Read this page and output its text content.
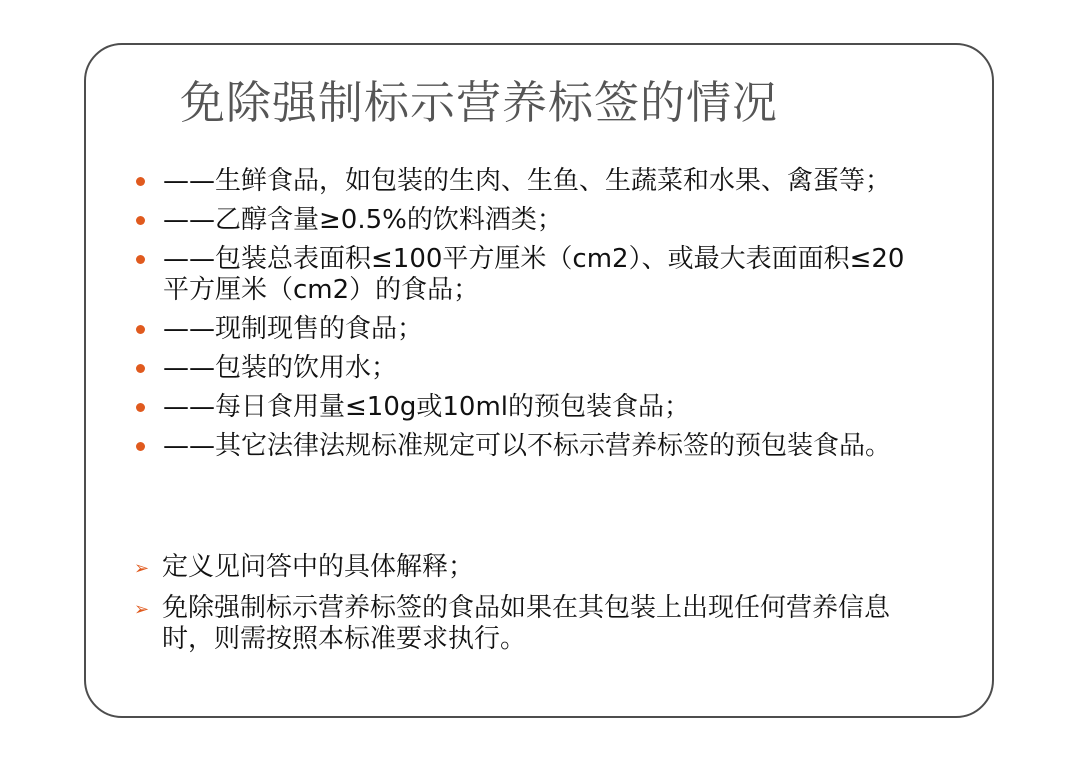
免除强制标示营养标签的情况
——生鲜食品，如包装的生肉、生鱼、生蔬菜和水果、禽蛋等；
——乙醇含量≥0.5%的饮料酒类；
——包装总表面积≤100平方厘米（cm2）、或最大表面面积≤20平方厘米（cm2）的食品；
——现制现售的食品；
——包装的饮用水；
——每日食用量≤10g或10ml的预包装食品；
——其它法律法规标准规定可以不标示营养标签的预包装食品。
➢ 定义见问答中的具体解释；
➢ 免除强制标示营养标签的食品如果在其包装上出现任何营养信息时，则需按照本标准要求执行。
